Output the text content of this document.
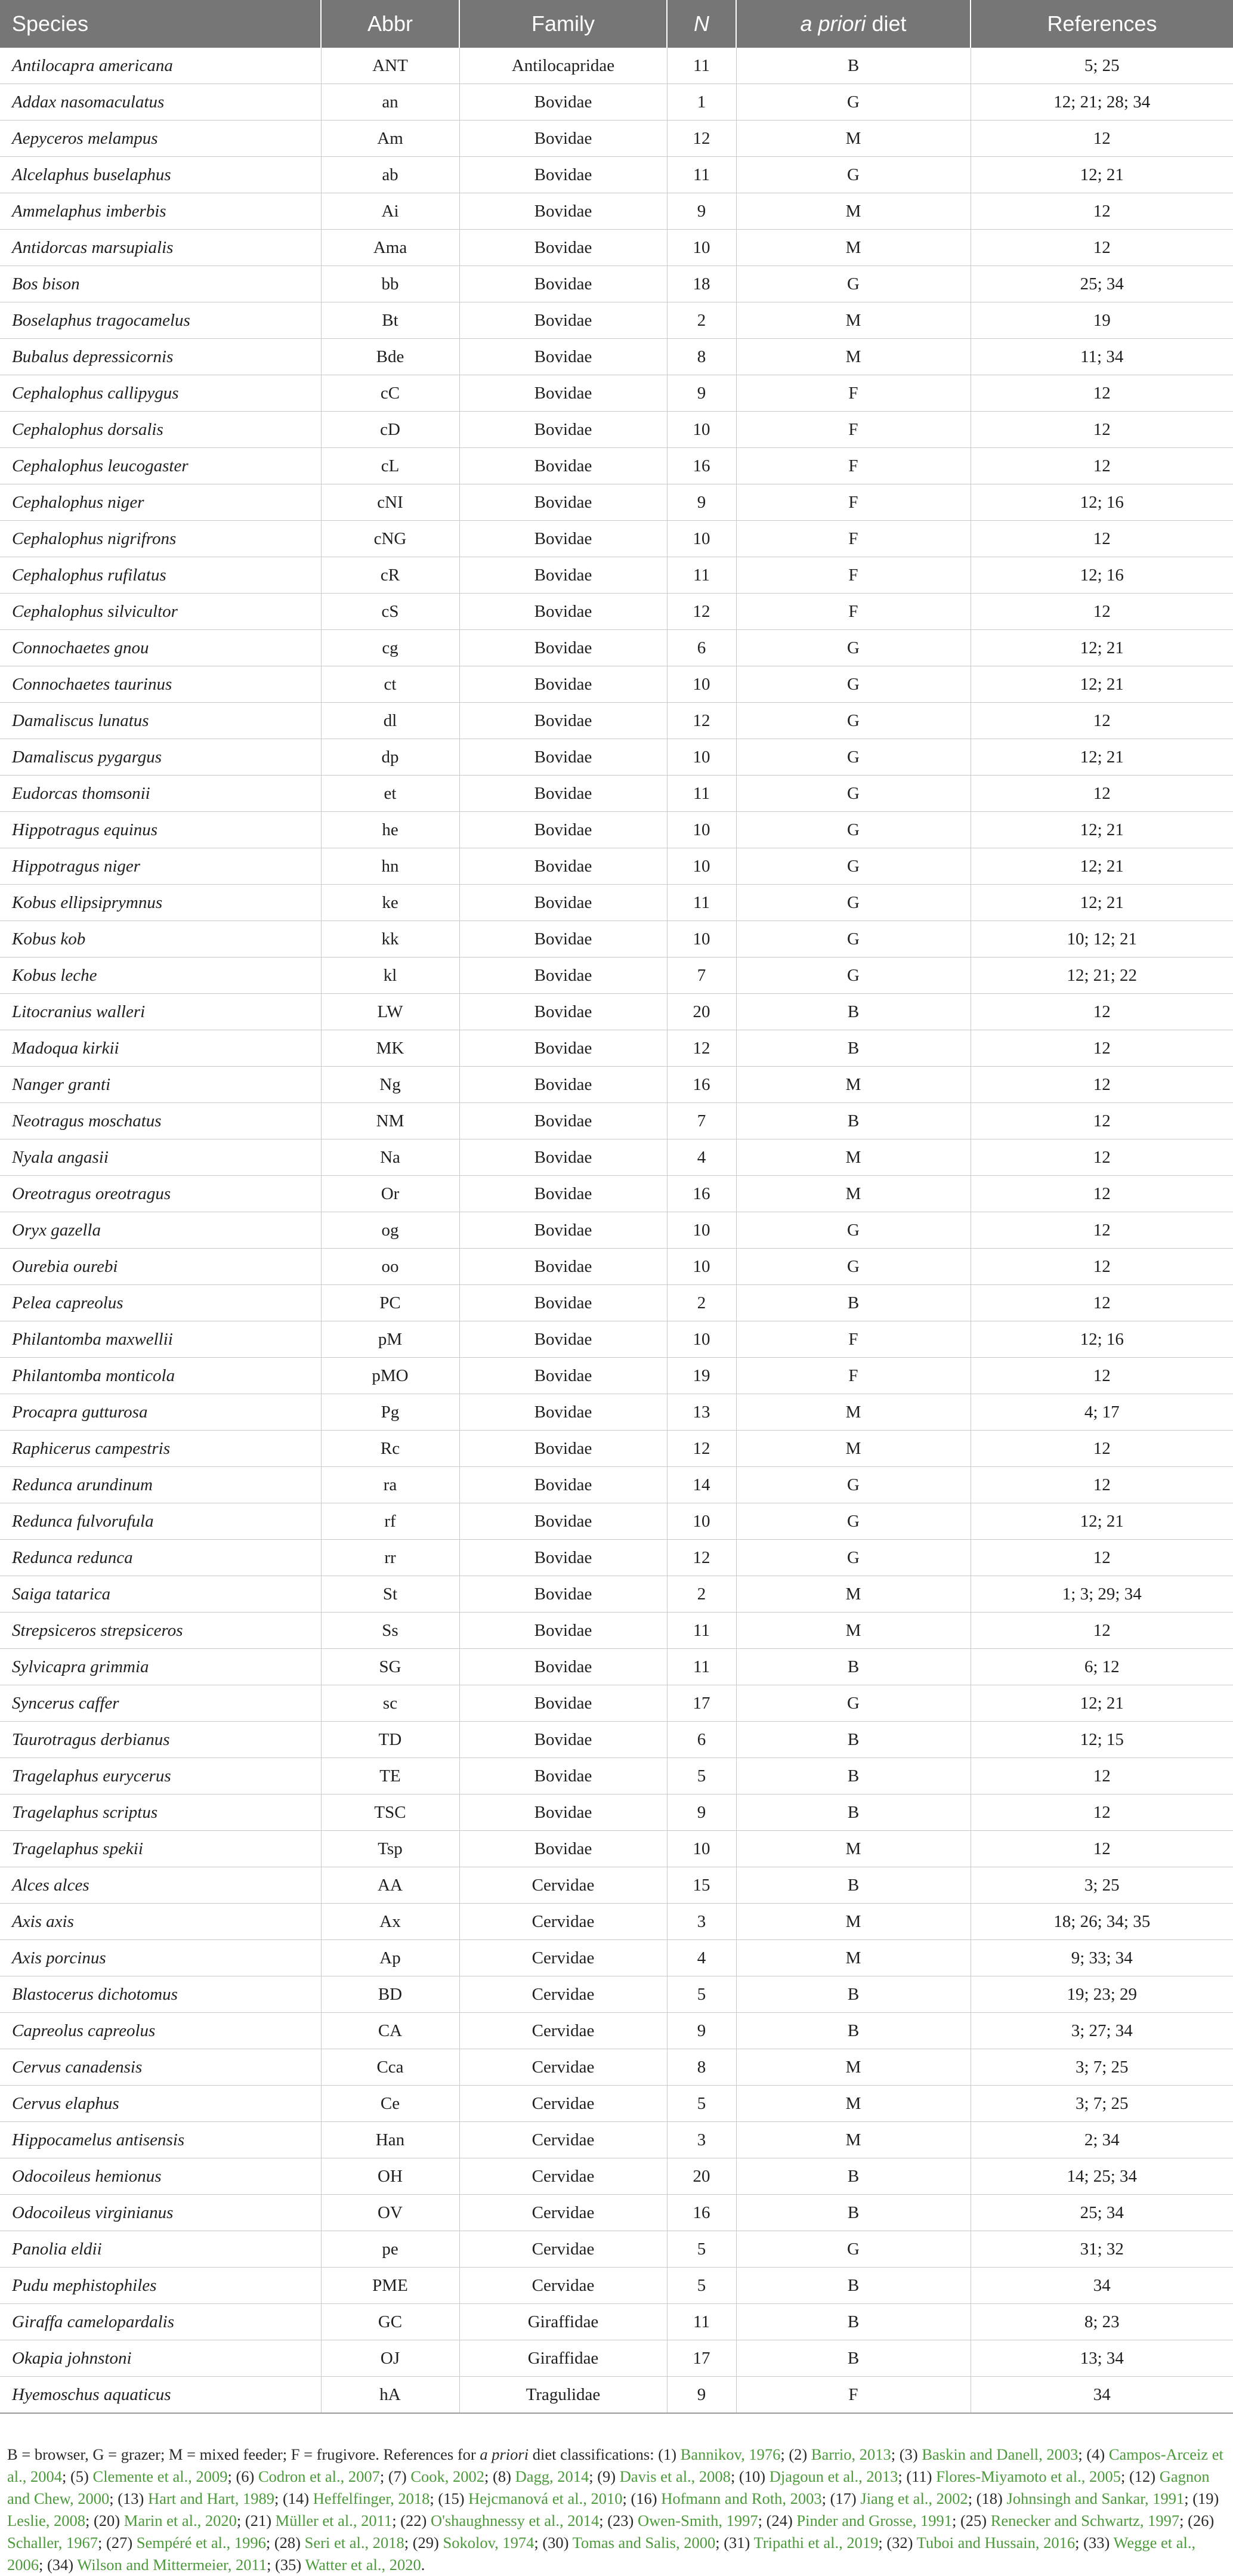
Species	Abbr	Family	N	a priori diet	References
Antilocapra americana	ANT	Antilocapridae	11	B	5; 25
Addax nasomaculatus	an	Bovidae	1	G	12; 21; 28; 34
Aepyceros melampus	Am	Bovidae	12	M	12
Alcelaphus buselaphus	ab	Bovidae	11	G	12; 21
Ammelaphus imberbis	Ai	Bovidae	9	M	12
Antidorcas marsupialis	Ama	Bovidae	10	M	12
Bos bison	bb	Bovidae	18	G	25; 34
Boselaphus tragocamelus	Bt	Bovidae	2	M	19
Bubalus depressicornis	Bde	Bovidae	8	M	11; 34
Cephalophus callipygus	cC	Bovidae	9	F	12
Cephalophus dorsalis	cD	Bovidae	10	F	12
Cephalophus leucogaster	cL	Bovidae	16	F	12
Cephalophus niger	cNI	Bovidae	9	F	12; 16
Cephalophus nigrifrons	cNG	Bovidae	10	F	12
Cephalophus rufilatus	cR	Bovidae	11	F	12; 16
Cephalophus silvicultor	cS	Bovidae	12	F	12
Connochaetes gnou	cg	Bovidae	6	G	12; 21
Connochaetes taurinus	ct	Bovidae	10	G	12; 21
Damaliscus lunatus	dl	Bovidae	12	G	12
Damaliscus pygargus	dp	Bovidae	10	G	12; 21
Eudorcas thomsonii	et	Bovidae	11	G	12
Hippotragus equinus	he	Bovidae	10	G	12; 21
Hippotragus niger	hn	Bovidae	10	G	12; 21
Kobus ellipsiprymnus	ke	Bovidae	11	G	12; 21
Kobus kob	kk	Bovidae	10	G	10; 12; 21
Kobus leche	kl	Bovidae	7	G	12; 21; 22
Litocranius walleri	LW	Bovidae	20	B	12
Madoqua kirkii	MK	Bovidae	12	B	12
Nanger granti	Ng	Bovidae	16	M	12
Neotragus moschatus	NM	Bovidae	7	B	12
Nyala angasii	Na	Bovidae	4	M	12
Oreotragus oreotragus	Or	Bovidae	16	M	12
Oryx gazella	og	Bovidae	10	G	12
Ourebia ourebi	oo	Bovidae	10	G	12
Pelea capreolus	PC	Bovidae	2	B	12
Philantomba maxwellii	pM	Bovidae	10	F	12; 16
Philantomba monticola	pMO	Bovidae	19	F	12
Procapra gutturosa	Pg	Bovidae	13	M	4; 17
Raphicerus campestris	Rc	Bovidae	12	M	12
Redunca arundinum	ra	Bovidae	14	G	12
Redunca fulvorufula	rf	Bovidae	10	G	12; 21
Redunca redunca	rr	Bovidae	12	G	12
Saiga tatarica	St	Bovidae	2	M	1; 3; 29; 34
Strepsiceros strepsiceros	Ss	Bovidae	11	M	12
Sylvicapra grimmia	SG	Bovidae	11	B	6; 12
Syncerus caffer	sc	Bovidae	17	G	12; 21
Taurotragus derbianus	TD	Bovidae	6	B	12; 15
Tragelaphus eurycerus	TE	Bovidae	5	B	12
Tragelaphus scriptus	TSC	Bovidae	9	B	12
Tragelaphus spekii	Tsp	Bovidae	10	M	12
Alces alces	AA	Cervidae	15	B	3; 25
Axis axis	Ax	Cervidae	3	M	18; 26; 34; 35
Axis porcinus	Ap	Cervidae	4	M	9; 33; 34
Blastocerus dichotomus	BD	Cervidae	5	B	19; 23; 29
Capreolus capreolus	CA	Cervidae	9	B	3; 27; 34
Cervus canadensis	Cca	Cervidae	8	M	3; 7; 25
Cervus elaphus	Ce	Cervidae	5	M	3; 7; 25
Hippocamelus antisensis	Han	Cervidae	3	M	2; 34
Odocoileus hemionus	OH	Cervidae	20	B	14; 25; 34
Odocoileus virginianus	OV	Cervidae	16	B	25; 34
Panolia eldii	pe	Cervidae	5	G	31; 32
Pudu mephistophiles	PME	Cervidae	5	B	34
Giraffa camelopardalis	GC	Giraffidae	11	B	8; 23
Okapia johnstoni	OJ	Giraffidae	17	B	13; 34
Hyemoschus aquaticus	hA	Tragulidae	9	F	34
B = browser, G = grazer; M = mixed feeder; F = frugivore. References for a priori diet classifications: (1) Bannikov, 1976; (2) Barrio, 2013; (3) Baskin and Danell, 2003; (4) Campos-Arceiz et al., 2004; (5) Clemente et al., 2009; (6) Codron et al., 2007; (7) Cook, 2002; (8) Dagg, 2014; (9) Davis et al., 2008; (10) Djagoun et al., 2013; (11) Flores-Miyamoto et al., 2005; (12) Gagnon and Chew, 2000; (13) Hart and Hart, 1989; (14) Heffelfinger, 2018; (15) Hejcmanová et al., 2010; (16) Hofmann and Roth, 2003; (17) Jiang et al., 2002; (18) Johnsingh and Sankar, 1991; (19) Leslie, 2008; (20) Marin et al., 2020; (21) Müller et al., 2011; (22) O'shaughnessy et al., 2014; (23) Owen-Smith, 1997; (24) Pinder and Grosse, 1991; (25) Renecker and Schwartz, 1997; (26) Schaller, 1967; (27) Sempéré et al., 1996; (28) Seri et al., 2018; (29) Sokolov, 1974; (30) Tomas and Salis, 2000; (31) Tripathi et al., 2019; (32) Tuboi and Hussain, 2016; (33) Wegge et al., 2006; (34) Wilson and Mittermeier, 2011; (35) Watter et al., 2020.
